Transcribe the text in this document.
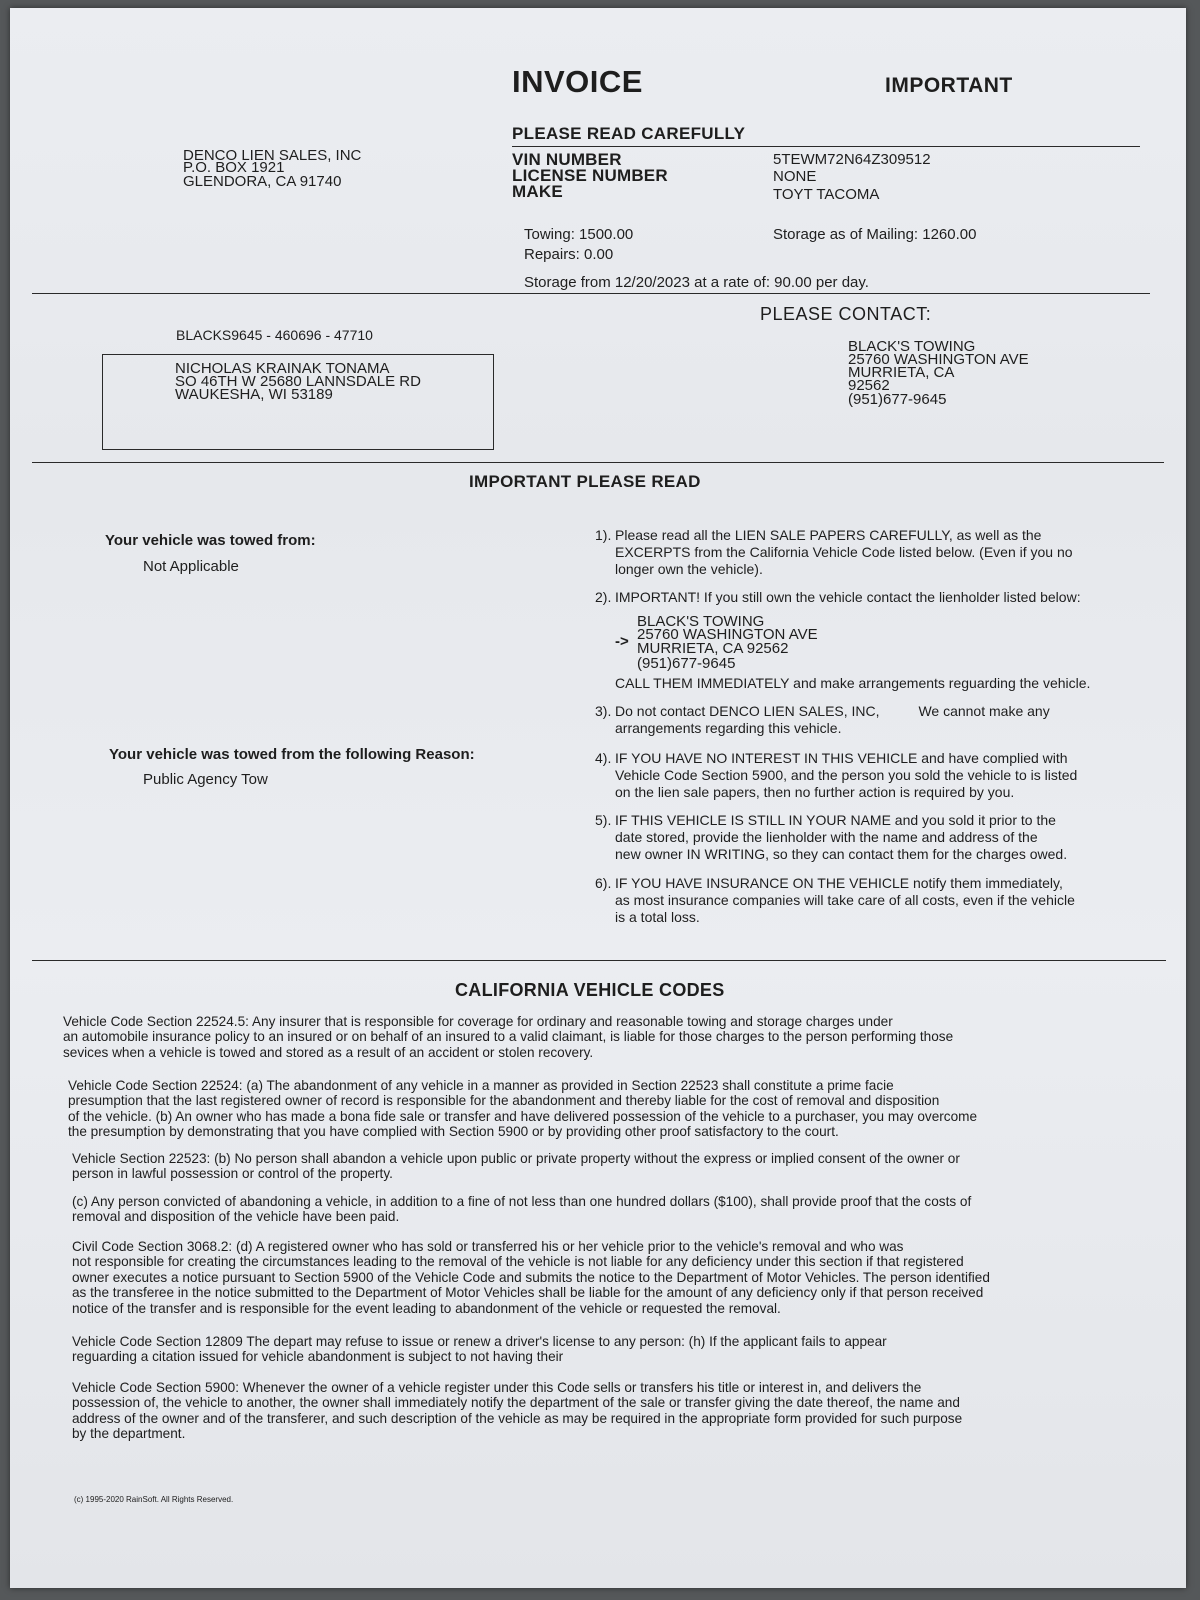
INVOICE	IMPORTANT
PLEASE READ CAREFULLY
DENCO LIEN SALES, INC
P.O. BOX 1921
GLENDORA, CA 91740
VIN NUMBER
LICENSE NUMBER
MAKE
5TEWM72N64Z309512
NONE
TOYT TACOMA
Towing: 1500.00
Repairs: 0.00
Storage as of Mailing: 1260.00
Storage from 12/20/2023 at a rate of: 90.00 per day.
BLACKS9645 - 460696 - 47710
NICHOLAS KRAINAK TONAMA
SO 46TH W 25680 LANNSDALE RD
WAUKESHA, WI 53189
PLEASE CONTACT:
BLACK'S TOWING
25760 WASHINGTON AVE
MURRIETA, CA
92562
(951)677-9645
IMPORTANT PLEASE READ
Your vehicle was towed from:
Not Applicable
Your vehicle was towed from the following Reason:
Public Agency Tow
1). Please read all the LIEN SALE PAPERS CAREFULLY, as well as the
EXCERPTS from the California Vehicle Code listed below. (Even if you no
longer own the vehicle).
2). IMPORTANT! If you still own the vehicle contact the lienholder listed below:
->
BLACK'S TOWING
25760 WASHINGTON AVE
MURRIETA, CA 92562
(951)677-9645
CALL THEM IMMEDIATELY and make arrangements reguarding the vehicle.
3). Do not contact DENCO LIEN SALES, INC,          We cannot make any
arrangements regarding this vehicle.
4). IF YOU HAVE NO INTEREST IN THIS VEHICLE and have complied with
Vehicle Code Section 5900, and the person you sold the vehicle to is listed
on the lien sale papers, then no further action is required by you.
5). IF THIS VEHICLE IS STILL IN YOUR NAME and you sold it prior to the
date stored, provide the lienholder with the name and address of the
new owner IN WRITING, so they can contact them for the charges owed.
6). IF YOU HAVE INSURANCE ON THE VEHICLE notify them immediately,
as most insurance companies will take care of all costs, even if the vehicle
is a total loss.
CALIFORNIA VEHICLE CODES
Vehicle Code Section 22524.5: Any insurer that is responsible for coverage for ordinary and reasonable towing and storage charges under
an automobile insurance policy to an insured or on behalf of an insured to a valid claimant, is liable for those charges to the person performing those
sevices when a vehicle is towed and stored as a result of an accident or stolen recovery.
Vehicle Code Section 22524: (a) The abandonment of any vehicle in a manner as provided in Section 22523 shall constitute a prime facie
presumption that the last registered owner of record is responsible for the abandonment and thereby liable for the cost of removal and disposition
of the vehicle. (b) An owner who has made a bona fide sale or transfer and have delivered possession of the vehicle to a purchaser, you may overcome
the presumption by demonstrating that you have complied with Section 5900 or by providing other proof satisfactory to the court.
Vehicle Section 22523: (b) No person shall abandon a vehicle upon public or private property without the express or implied consent of the owner or
person in lawful possession or control of the property.
(c) Any person convicted of abandoning a vehicle, in addition to a fine of not less than one hundred dollars ($100), shall provide proof that the costs of
removal and disposition of the vehicle have been paid.
Civil Code Section 3068.2: (d) A registered owner who has sold or transferred his or her vehicle prior to the vehicle's removal and who was
not responsible for creating the circumstances leading to the removal of the vehicle is not liable for any deficiency under this section if that registered
owner executes a notice pursuant to Section 5900 of the Vehicle Code and submits the notice to the Department of Motor Vehicles. The person identified
as the transferee in the notice submitted to the Department of Motor Vehicles shall be liable for the amount of any deficiency only if that person received
notice of the transfer and is responsible for the event leading to abandonment of the vehicle or requested the removal.
Vehicle Code Section 12809 The depart may refuse to issue or renew a driver's license to any person: (h) If the applicant fails to appear
reguarding a citation issued for vehicle abandonment is subject to not having their
Vehicle Code Section 5900: Whenever the owner of a vehicle register under this Code sells or transfers his title or interest in, and delivers the
possession of, the vehicle to another, the owner shall immediately notify the department of the sale or transfer giving the date thereof, the name and
address of the owner and of the transferer, and such description of the vehicle as may be required in the appropriate form provided for such purpose
by the department.
(c) 1995-2020 RainSoft. All Rights Reserved.
